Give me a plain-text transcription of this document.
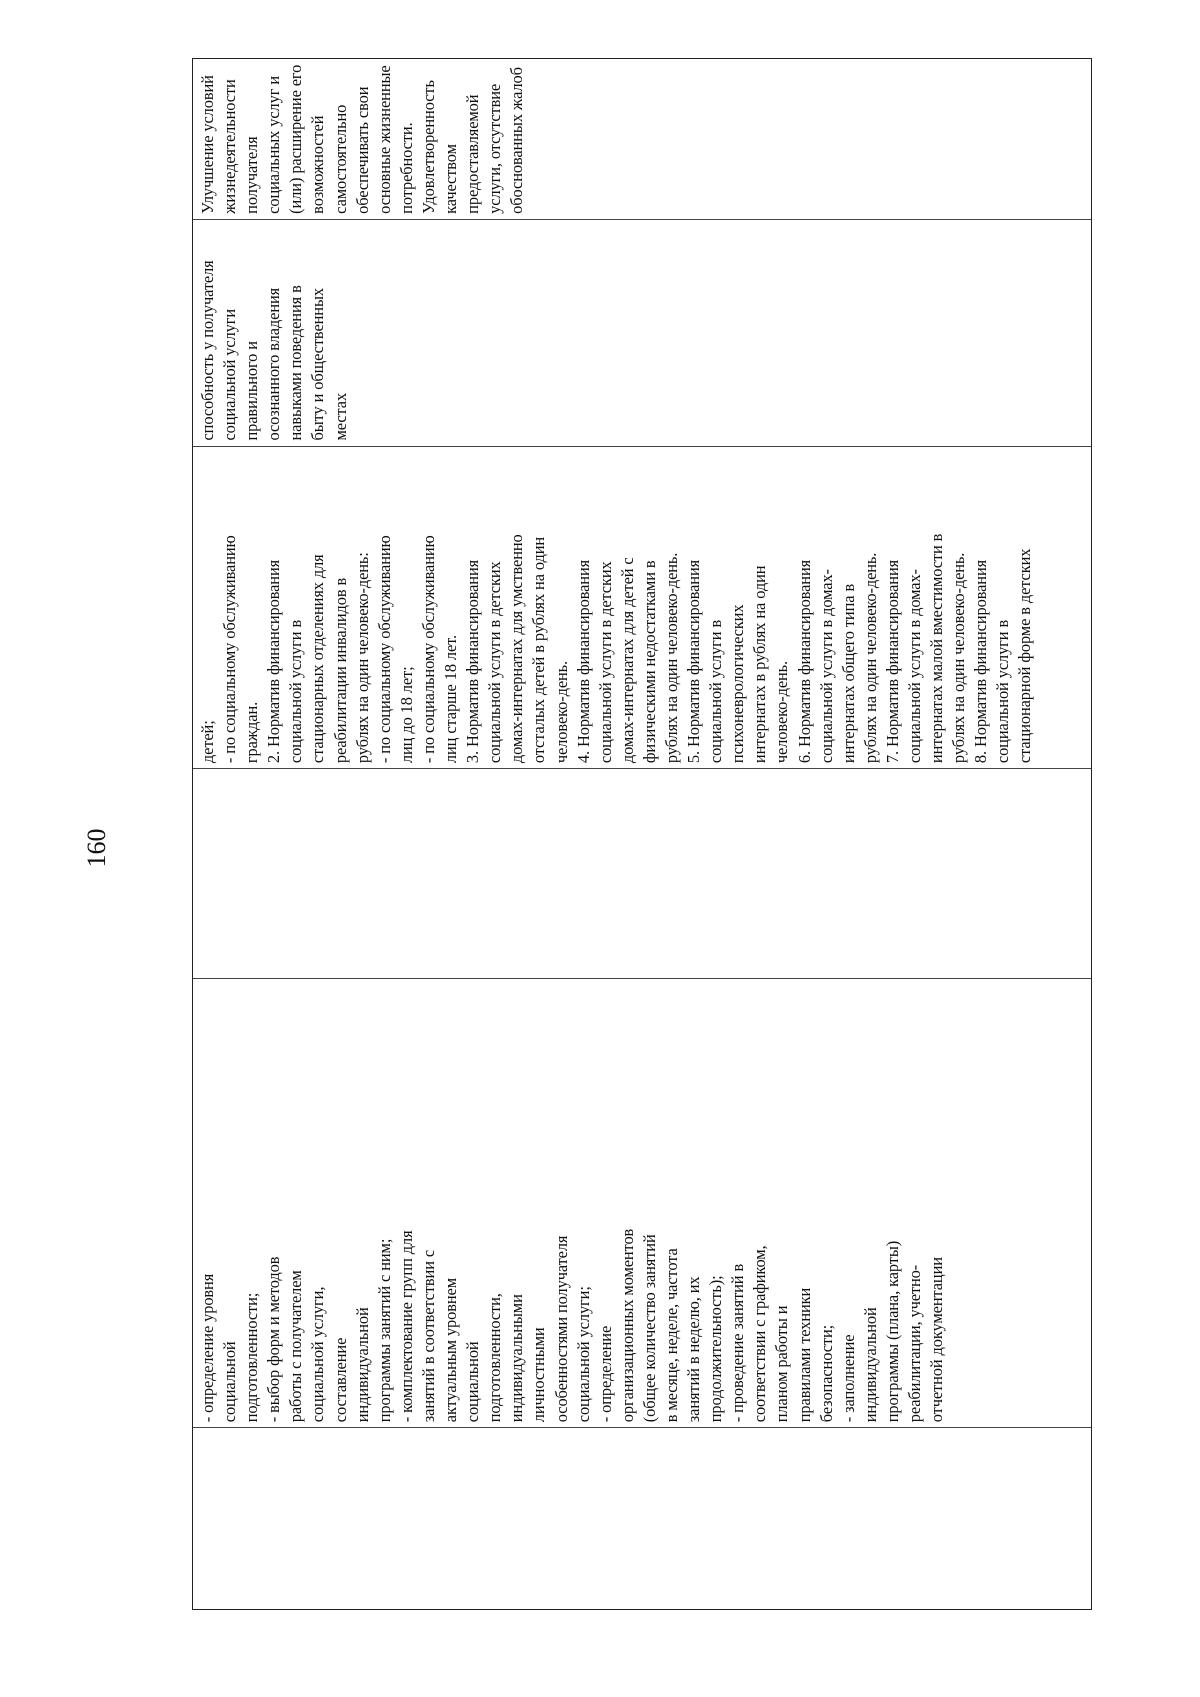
160
- определение уровня социальной подготовленности; - выбор форм и методов работы с получателем социальной услуги, составление индивидуальной программы занятий с ним; - комплектование групп для занятий в соответствии с актуальным уровнем социальной подготовленности, индивидуальными личностными особенностями получателя социальной услуги; - определение организационных моментов (общее количество занятий в месяце, неделе, частота занятий в неделю, их продолжительность); - проведение занятий в соответствии с графиком, планом работы и правилами техники безопасности; - заполнение индивидуальной программы (плана, карты) реабилитации, учетно- отчетной документации
детей; - по социальному обслуживанию граждан. 2. Норматив финансирования социальной услуги в стационарных отделениях для реабилитации инвалидов в рублях на один человеко-день: - по социальному обслуживанию лиц до 18 лет; - по социальному обслуживанию лиц старше 18 лет. 3. Норматив финансирования социальной услуги в детских домах-интернатах для умственно отсталых детей в рублях на один человеко-день. 4. Норматив финансирования социальной услуги в детских домах-интернатах для детей с физическими недостатками в рублях на один человеко-день. 5. Норматив финансирования социальной услуги в психоневрологических интернатах в рублях на один человеко-день. 6. Норматив финансирования социальной услуги в домах- интернатах общего типа в рублях на один человеко-день. 7. Норматив финансирования социальной услуги в домах- интернатах малой вместимости в рублях на один человеко-день. 8. Норматив финансирования социальной услуги в стационарной форме в детских
способность у получателя социальной услуги правильного и осознанного владения навыками поведения в быту и общественных местах
Улучшение условий жизнедеятельности получателя социальных услуг и (или) расширение его возможностей самостоятельно обеспечивать свои основные жизненные потребности. Удовлетворенность качеством предоставляемой услуги, отсутствие обоснованных жалоб
